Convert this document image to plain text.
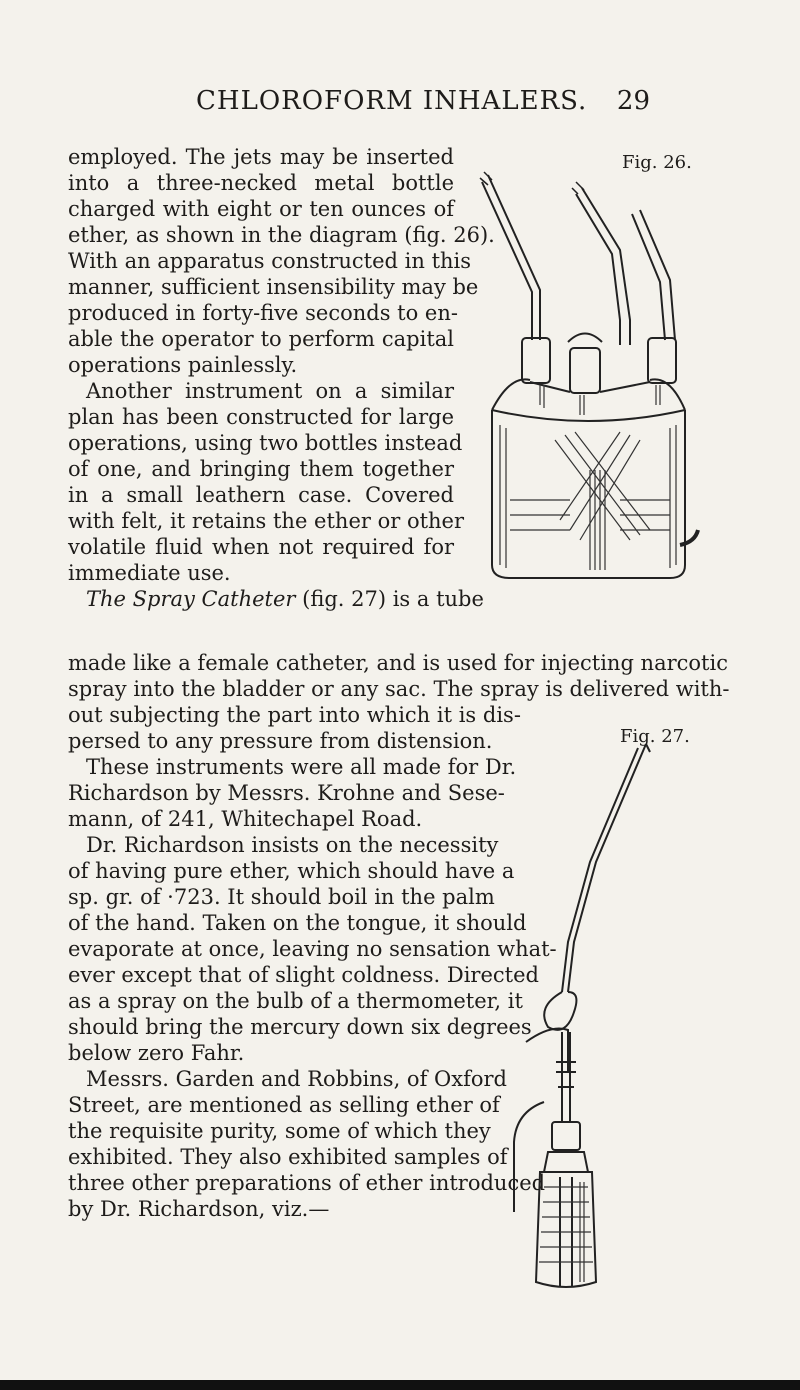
CHLOROFORM INHALERS. 29
employed. The jets may be inserted
into a three-necked metal bottle
charged with eight or ten ounces of
ether, as shown in the diagram (fig. 26).
With an apparatus constructed in this
manner, sufficient insensibility may be
produced in forty-five seconds to en-
able the operator to perform capital
operations painlessly.
Another instrument on a similar
plan has been constructed for large
operations, using two bottles instead
of one, and bringing them together
in a small leathern case. Covered
with felt, it retains the ether or other
volatile fluid when not required for
immediate use.
The Spray Catheter (fig. 27) is a tube
made like a female catheter, and is used for injecting narcotic
spray into the bladder or any sac. The spray is delivered with-
out subjecting the part into which it is dis-
persed to any pressure from distension.
These instruments were all made for Dr.
Richardson by Messrs. Krohne and Sese-
mann, of 241, Whitechapel Road.
Dr. Richardson insists on the necessity
of having pure ether, which should have a
sp. gr. of ·723. It should boil in the palm
of the hand. Taken on the tongue, it should
evaporate at once, leaving no sensation what-
ever except that of slight coldness. Directed
as a spray on the bulb of a thermometer, it
should bring the mercury down six degrees
below zero Fahr.
Messrs. Garden and Robbins, of Oxford
Street, are mentioned as selling ether of
the requisite purity, some of which they
exhibited. They also exhibited samples of
three other preparations of ether introduced
by Dr. Richardson, viz.—
Fig. 26.
Fig. 27.
